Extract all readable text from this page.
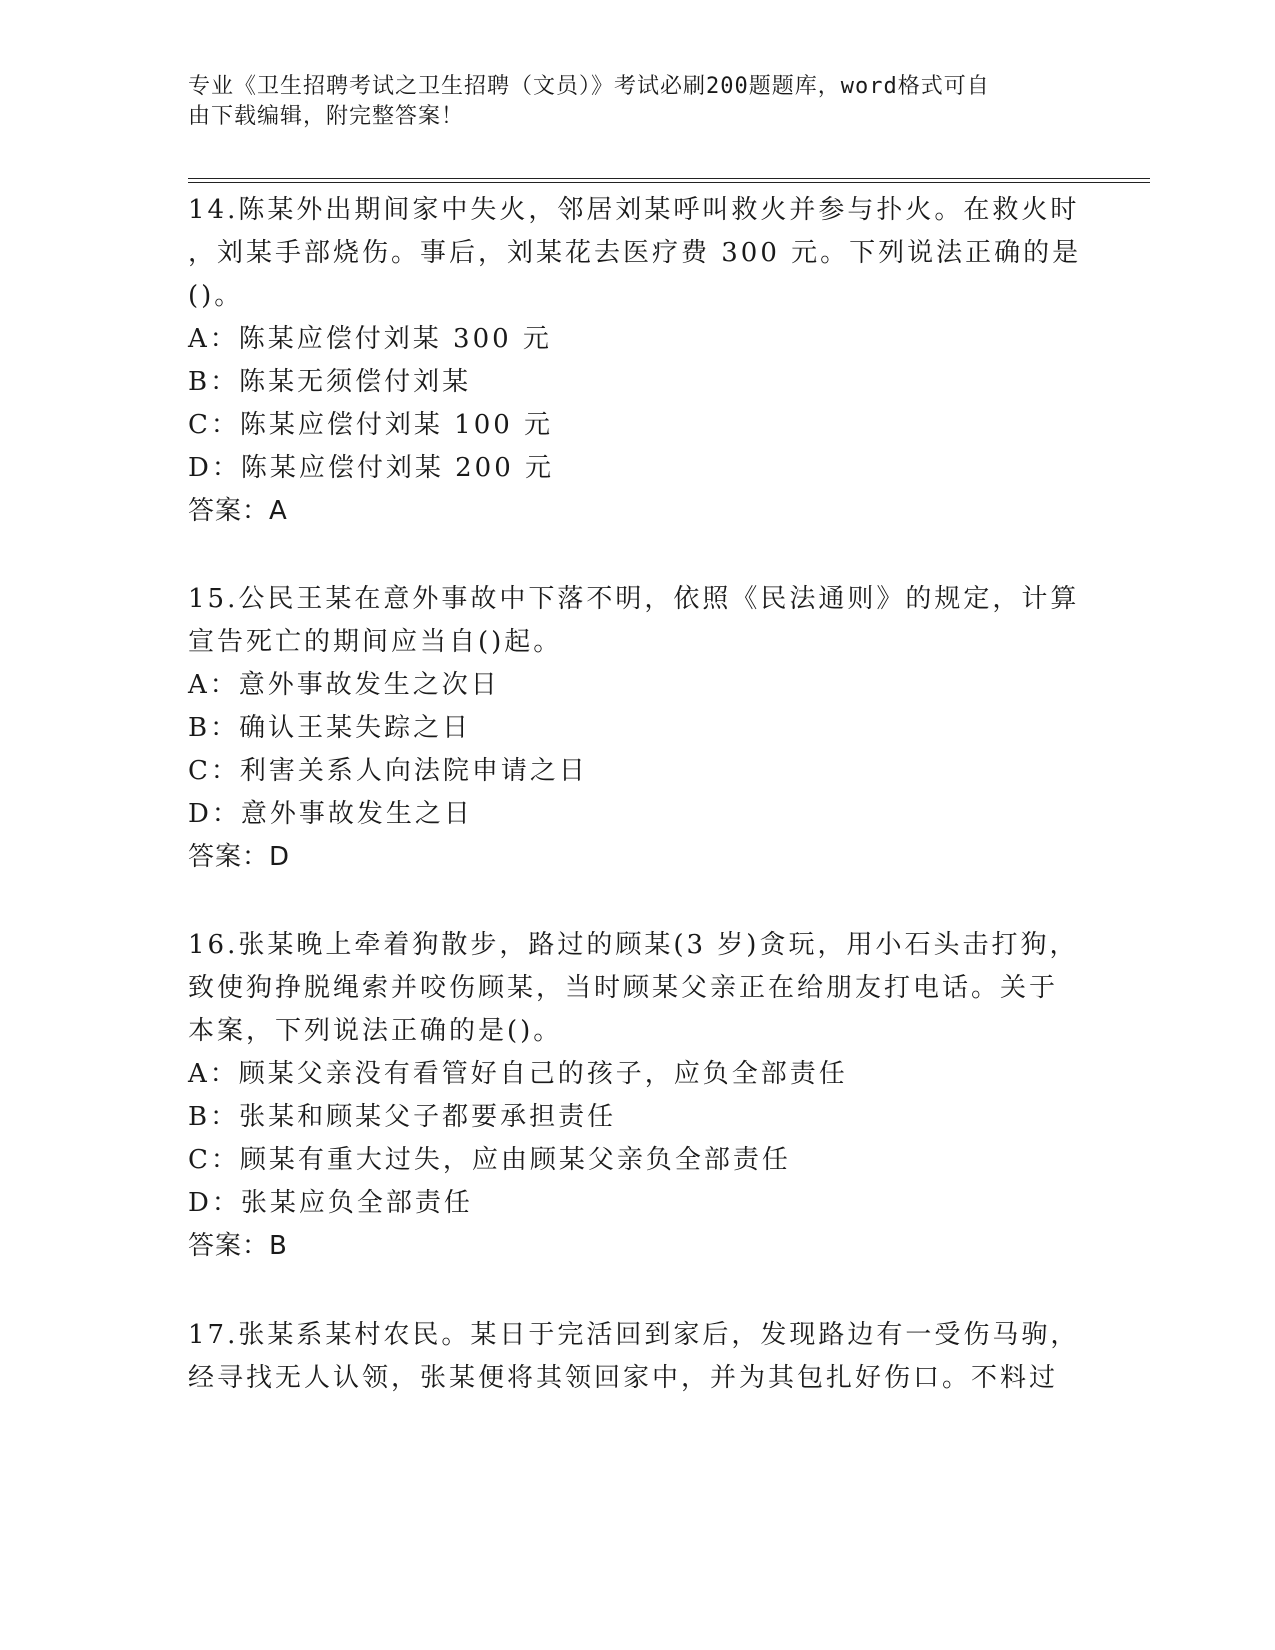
专业《卫生招聘考试之卫生招聘（文员）》考试必刷200题题库，word格式可自
由下载编辑，附完整答案！
14.陈某外出期间家中失火，邻居刘某呼叫救火并参与扑火。在救火时
，刘某手部烧伤。事后，刘某花去医疗费 300 元。下列说法正确的是
()。
A：陈某应偿付刘某 300 元
B：陈某无须偿付刘某
C：陈某应偿付刘某 100 元
D：陈某应偿付刘某 200 元
答案：A
15.公民王某在意外事故中下落不明，依照《民法通则》的规定，计算
宣告死亡的期间应当自()起。
A：意外事故发生之次日
B：确认王某失踪之日
C：利害关系人向法院申请之日
D：意外事故发生之日
答案：D
16.张某晚上牵着狗散步，路过的顾某(3 岁)贪玩，用小石头击打狗，
致使狗挣脱绳索并咬伤顾某，当时顾某父亲正在给朋友打电话。关于
本案，下列说法正确的是()。
A：顾某父亲没有看管好自己的孩子，应负全部责任
B：张某和顾某父子都要承担责任
C：顾某有重大过失，应由顾某父亲负全部责任
D：张某应负全部责任
答案：B
17.张某系某村农民。某日于完活回到家后，发现路边有一受伤马驹，
经寻找无人认领，张某便将其领回家中，并为其包扎好伤口。不料过
